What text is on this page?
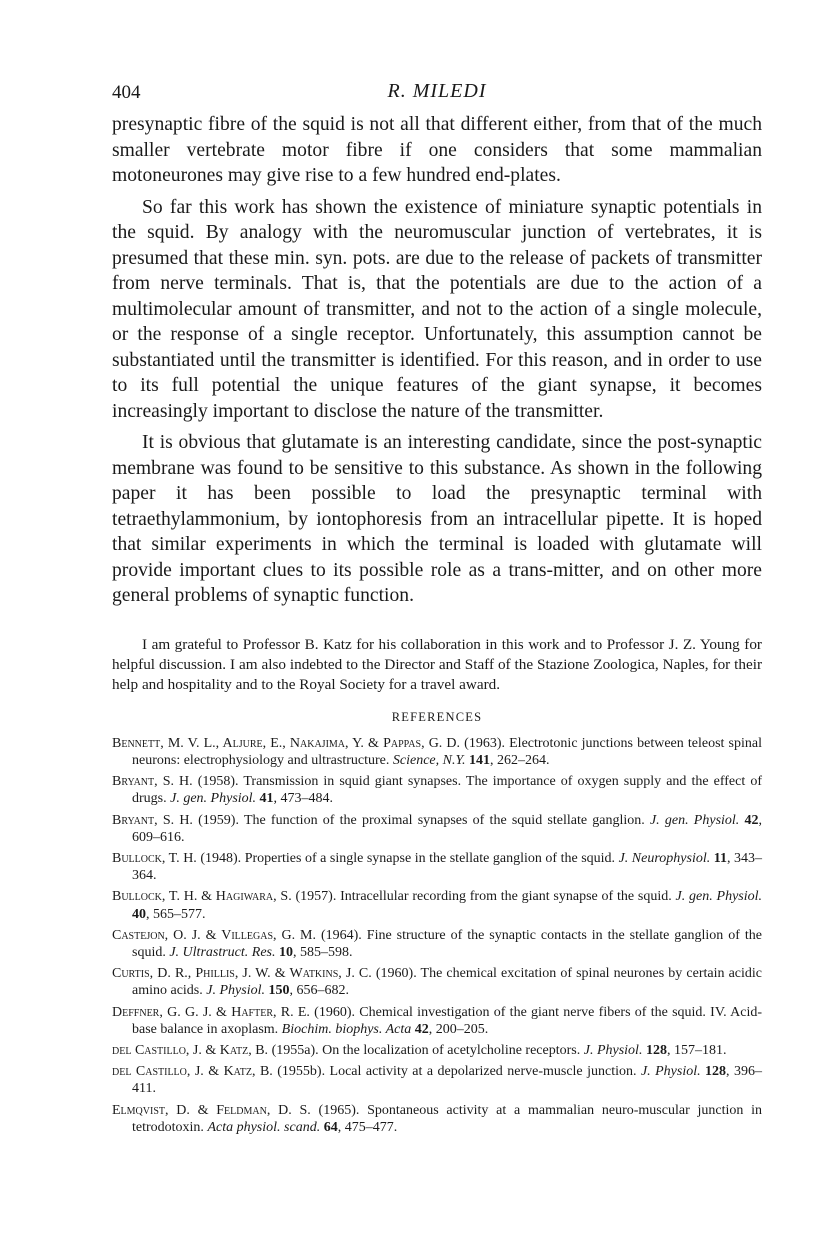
404	R. MILEDI

presynaptic fibre of the squid is not all that different either, from that of the much smaller vertebrate motor fibre if one considers that some mammalian motoneurones may give rise to a few hundred end-plates.

So far this work has shown the existence of miniature synaptic potentials in the squid. By analogy with the neuromuscular junction of vertebrates, it is presumed that these min. syn. pots. are due to the release of packets of transmitter from nerve terminals. That is, that the potentials are due to the action of a multimolecular amount of transmitter, and not to the action of a single molecule, or the response of a single receptor. Unfortunately, this assumption cannot be substantiated until the transmitter is identified. For this reason, and in order to use to its full potential the unique features of the giant synapse, it becomes increasingly important to disclose the nature of the transmitter.

It is obvious that glutamate is an interesting candidate, since the post-synaptic membrane was found to be sensitive to this substance. As shown in the following paper it has been possible to load the presynaptic terminal with tetraethylammonium, by iontophoresis from an intracellular pipette. It is hoped that similar experiments in which the terminal is loaded with glutamate will provide important clues to its possible role as a trans-mitter, and on other more general problems of synaptic function.

I am grateful to Professor B. Katz for his collaboration in this work and to Professor J. Z. Young for helpful discussion. I am also indebted to the Director and Staff of the Stazione Zoologica, Naples, for their help and hospitality and to the Royal Society for a travel award.

REFERENCES
Bennett, M. V. L., Aljure, E., Nakajima, Y. & Pappas, G. D. (1963). Electrotonic junctions between teleost spinal neurons: electrophysiology and ultrastructure. Science, N.Y. 141, 262–264.
Bryant, S. H. (1958). Transmission in squid giant synapses. The importance of oxygen supply and the effect of drugs. J. gen. Physiol. 41, 473–484.
Bryant, S. H. (1959). The function of the proximal synapses of the squid stellate ganglion. J. gen. Physiol. 42, 609–616.
Bullock, T. H. (1948). Properties of a single synapse in the stellate ganglion of the squid. J. Neurophysiol. 11, 343–364.
Bullock, T. H. & Hagiwara, S. (1957). Intracellular recording from the giant synapse of the squid. J. gen. Physiol. 40, 565–577.
Castejon, O. J. & Villegas, G. M. (1964). Fine structure of the synaptic contacts in the stellate ganglion of the squid. J. Ultrastruct. Res. 10, 585–598.
Curtis, D. R., Phillis, J. W. & Watkins, J. C. (1960). The chemical excitation of spinal neurones by certain acidic amino acids. J. Physiol. 150, 656–682.
Deffner, G. G. J. & Hafter, R. E. (1960). Chemical investigation of the giant nerve fibers of the squid. IV. Acid-base balance in axoplasm. Biochim. biophys. Acta 42, 200–205.
del Castillo, J. & Katz, B. (1955a). On the localization of acetylcholine receptors. J. Physiol. 128, 157–181.
del Castillo, J. & Katz, B. (1955b). Local activity at a depolarized nerve-muscle junction. J. Physiol. 128, 396–411.
Elmqvist, D. & Feldman, D. S. (1965). Spontaneous activity at a mammalian neuro-muscular junction in tetrodotoxin. Acta physiol. scand. 64, 475–477.
